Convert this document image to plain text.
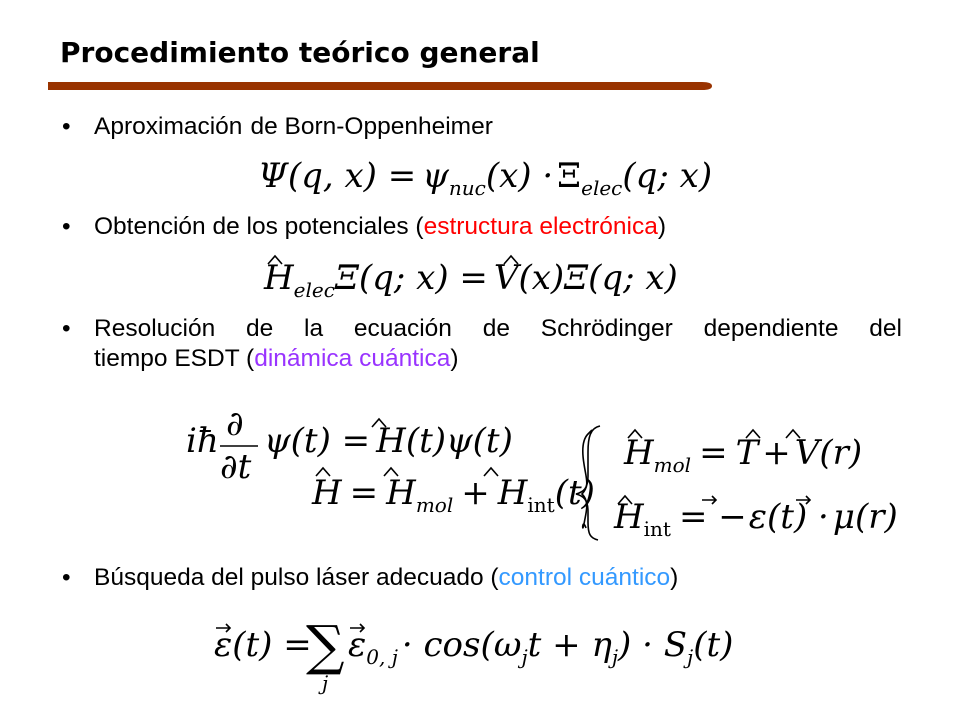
Procedimiento teórico general
• Aproximación de Born-Oppenheimer
• Obtención de los potenciales (estructura electrónica)
• Resolución de la ecuación de Schrödinger dependiente del
tiempo ESDT (dinámica cuántica)
• Búsqueda del pulso láser adecuado (control cuántico)
Ψ(q, x) = ψnuc(x) · Ξelec(q; x)
HelecΞ(q; x) = V(x)Ξ(q; x)
iħ ∂
∂t
ψ(t) = H(t)ψ(t)
H = Hmol + Hint(t)
Hmol = T + V(r)
Hint = −ε(t) · μ(r)
ε(t) =
∑
j
ε0, j · cos(ωjt + ηj) · Sj(t)
